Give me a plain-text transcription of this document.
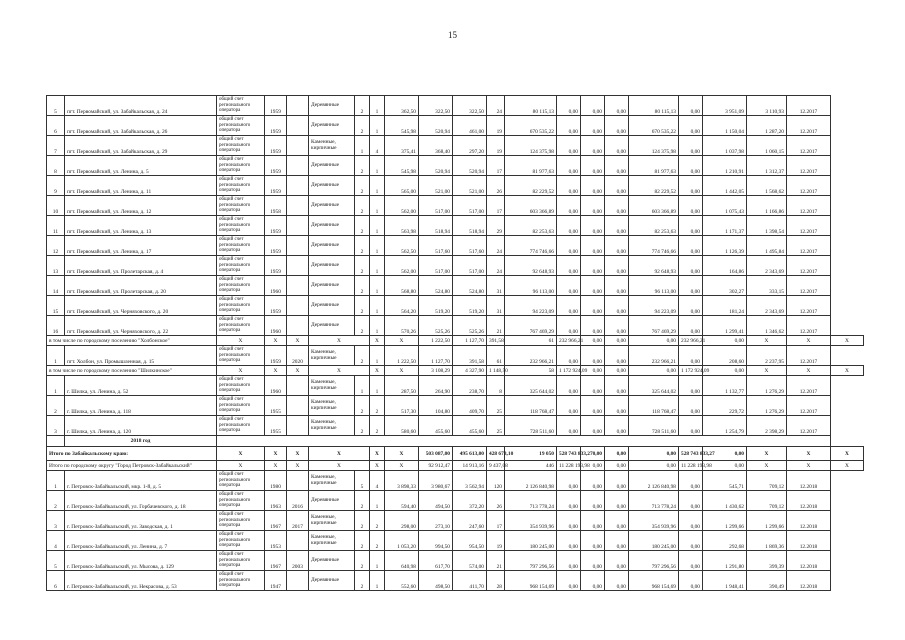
15
5	пгт. Первомайский, ул. Забайкальская, д. 24	общий счет регионального оператора	1959		Деревянные	2	1	362,50	322,50	322,50	24	80 115,13	0,00	0,00	0,00	80 115,13	0,00	3 951,09	3 110,93	12.2017	
6	пгт. Первомайский, ул. Забайкальская, д. 26	общий счет регионального оператора	1959		Деревянные	2	1	545,98	520,94	461,00	19	670 535,22	0,00	0,00	0,00	670 535,22	0,00	1 150,04	1 287,20	12.2017	
7	пгт. Первомайский, ул. Забайкальская, д. 29	общий счет регионального оператора	1959		Каменные, кирпичные	1	4	375,41	368,40	297,20	19	124 375,98	0,00	0,00	0,00	124 375,98	0,00	1 037,98	1 060,15	12.2017	
8	пгт. Первомайский, ул. Ленина, д. 5	общий счет регионального оператора	1959		Деревянные	2	1	545,98	520,94	520,94	17	81 977,63	0,00	0,00	0,00	81 977,63	0,00	1 210,91	1 312,37	12.2017	
9	пгт. Первомайский, ул. Ленина, д. 11	общий счет регионального оператора	1959		Деревянные	2	1	565,00	521,00	521,00	26	82 229,52	0,00	0,00	0,00	82 229,52	0,00	1 442,05	1 568,62	12.2017	
10	пгт. Первомайский, ул. Ленина, д. 12	общий счет регионального оператора	1958		Деревянные	2	1	562,00	517,00	517,00	17	603 366,89	0,00	0,00	0,00	603 366,89	0,00	1 075,43	1 166,86	12.2017	
11	пгт. Первомайский, ул. Ленина, д. 13	общий счет регионального оператора	1959		Деревянные	2	1	563,98	518,94	518,94	29	82 253,63	0,00	0,00	0,00	82 253,63	0,00	1 171,37	1 398,54	12.2017	
12	пгт. Первомайский, ул. Ленина, д. 17	общий счет регионального оператора	1959		Деревянные	2	1	562,50	517,60	517,60	24	774 746,66	0,00	0,00	0,00	774 746,66	0,00	1 126,39	1 495,84	12.2017	
13	пгт. Первомайский, ул. Пролетарская, д. 4	общий счет регионального оператора	1959		Деревянные	2	1	562,00	517,00	517,00	24	92 648,93	0,00	0,00	0,00	92 648,93	0,00	164,86	2 343,69	12.2017	
14	пгт. Первомайский, ул. Пролетарская, д. 20	общий счет регионального оператора	1960		Деревянные	2	1	568,80	524,80	524,80	31	96 113,00	0,00	0,00	0,00	96 113,00	0,00	302,27	333,15	12.2017	
15	пгт. Первомайский, ул. Черняховского, д. 20	общий счет регионального оператора	1959		Деревянные	2	1	564,20	519,20	519,20	31	94 223,09	0,00	0,00	0,00	94 223,09	0,00	181,24	2 343,69	12.2017	
16	пгт. Первомайский, ул. Черняховского, д. 22	общий счет регионального оператора	1960		Деревянные	2	1	570,26	525,26	525,26	21	767 469,29	0,00	0,00	0,00	767 469,29	0,00	1 299,41	1 346,62	12.2017	
в том числе по городскому поселению "Холбонское"		X	X	X	X		X	X	1 222,50	1 127,70	391,58	61	232 966,21	0,00	0,00	0,00	232 966,21	0,00	X	X	X
1	пгт. Холбон, ул. Промышленная, д. 15	общий счет регионального оператора	1959	2020	Каменные, кирпичные	2	1	1 222,50	1 127,70	391,58	61	232 966,21	0,00	0,00	0,00	232 966,21	0,00	208,60	2 237,95	12.2017	
в том числе по городскому поселению "Шилкинское"		X	X	X	X		X	X	3 108,29	4 327,90	1 148,50	58	1 172 924,09	0,00	0,00	0,00	1 172 924,09	0,00	X	X	X
1	г. Шилка, ул. Ленина, д. 52	общий счет регионального оператора	1960		Каменные, кирпичные	1	1	287,50	264,90	238,70	8	325 644,02	0,00	0,00	0,00	325 644,02	0,00	1 132,77	1 276,29	12.2017	
2	г. Шилка, ул. Ленина, д. 118	общий счет регионального оператора	1955		Каменные, кирпичные	2	2	517,30	104,80	409,70	25	118 768,47	0,00	0,00	0,00	118 768,47	0,00	229,72	1 276,29	12.2017	
3	г. Шилка, ул. Ленина, д. 120	общий счет регионального оператора	1955		Каменные, кирпичные	2	2	580,60	455,60	455,60	25	728 511,60	0,00	0,00	0,00	728 511,60	0,00	1 254,79	2 398,29	12.2017	
	2018 год																				
Итого по Забайкальскому краю:		X	X	X	X		X	X	503 087,00	495 613,00	428 673,10	19 050	528 743 833,27	0,00	0,00	0,00	528 743 833,27	0,00	X	X	X
Итого по городскому округу "Город Петровск-Забайкальский"		X	X	X	X		X	X	92 912,47	14 913,16	9 437,08	446	11 228 193,98	0,00	0,00	0,00	11 228 193,98	0,00	X	X	X
1	г. Петровск-Забайкальский, мкр. 1-й, д. 5	общий счет регионального оператора	1980		Каменные, кирпичные	5	4	3 898,33	3 980,67	3 562,94	120	2 126 840,98	0,00	0,00	0,00	2 126 840,98	0,00	545,71	709,12	12.2018	
2	г. Петровск-Забайкальский, ул. Горбачевского, д. 18	общий счет регионального оператора	1963	2016	Деревянные	2	1	594,40	494,50	372,20	26	713 778,24	0,00	0,00	0,00	713 778,24	0,00	1 430,62	709,12	12.2018	
3	г. Петровск-Забайкальский, ул. Заводская, д. 1	общий счет регионального оператора	1967	2017	Каменные, кирпичные	2	2	298,00	273,10	247,60	17	354 939,96	0,00	0,00	0,00	354 939,96	0,00	1 299,66	1 299,66	12.2018	
4	г. Петровск-Забайкальский, ул. Ленина, д. 7	общий счет регионального оператора	1953		Каменные, кирпичные	2	2	1 053,20	994,50	954,50	19	180 245,00	0,00	0,00	0,00	180 245,00	0,00	292,68	1 869,36	12.2018	
5	г. Петровск-Забайкальский, ул. Мысова, д. 129	общий счет регионального оператора	1967	2003	Деревянные	2	1	640,98	617,70	574,00	21	797 296,56	0,00	0,00	0,00	797 296,56	0,00	1 291,80	399,39	12.2018	
6	г. Петровск-Забайкальский, ул. Некрасова, д. 53	общий счет регионального оператора	1947		Деревянные	2	1	552,60	498,50	411,70	28	968 154,69	0,00	0,00	0,00	968 154,69	0,00	1 948,41	390,49	12.2018	
